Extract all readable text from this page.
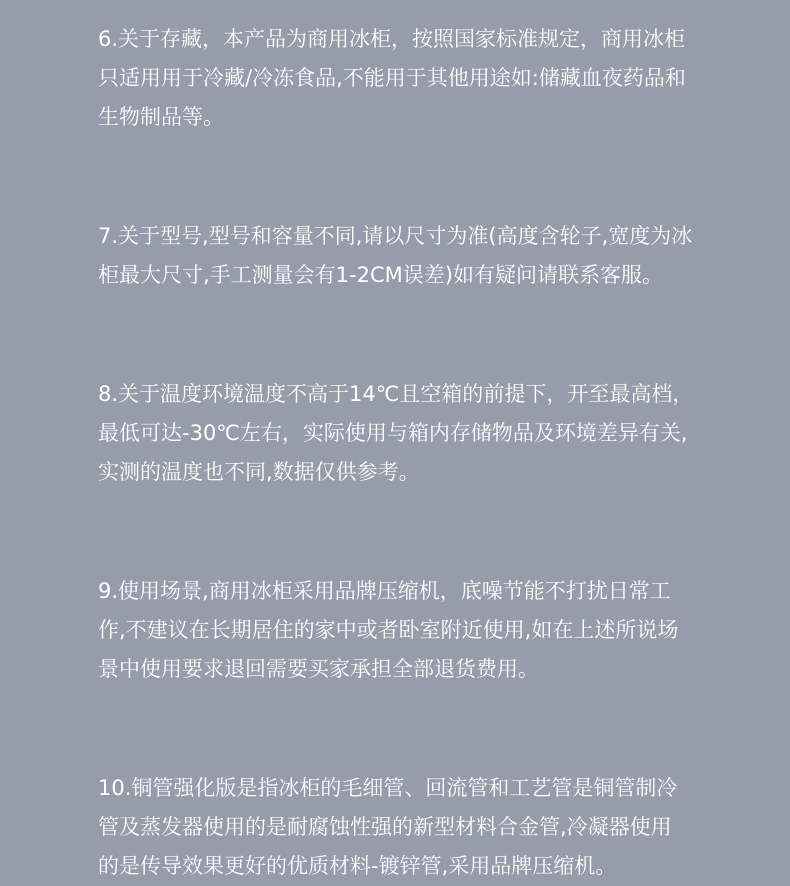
6.关于存藏，本产品为商用冰柜，按照国家标准规定，商用冰柜
只适用用于冷藏/冷冻食品,不能用于其他用途如:储藏血夜药品和
生物制品等。
7.关于型号,型号和容量不同,请以尺寸为准(高度含轮子,宽度为冰
柜最大尺寸,手工测量会有1-2CM误差)如有疑问请联系客服。
8.关于温度环境温度不高于14℃且空箱的前提下，开至最高档，
最低可达-30℃左右，实际使用与箱内存储物品及环境差异有关,
实测的温度也不同,数据仅供参考。
9.使用场景,商用冰柜采用品牌压缩机，底噪节能不打扰日常工
作,不建议在长期居住的家中或者卧室附近使用,如在上述所说场
景中使用要求退回需要买家承担全部退货费用。
10.铜管强化版是指冰柜的毛细管、回流管和工艺管是铜管制冷
管及蒸发器使用的是耐腐蚀性强的新型材料合金管,冷凝器使用
的是传导效果更好的优质材料-镀锌管,采用品牌压缩机。
